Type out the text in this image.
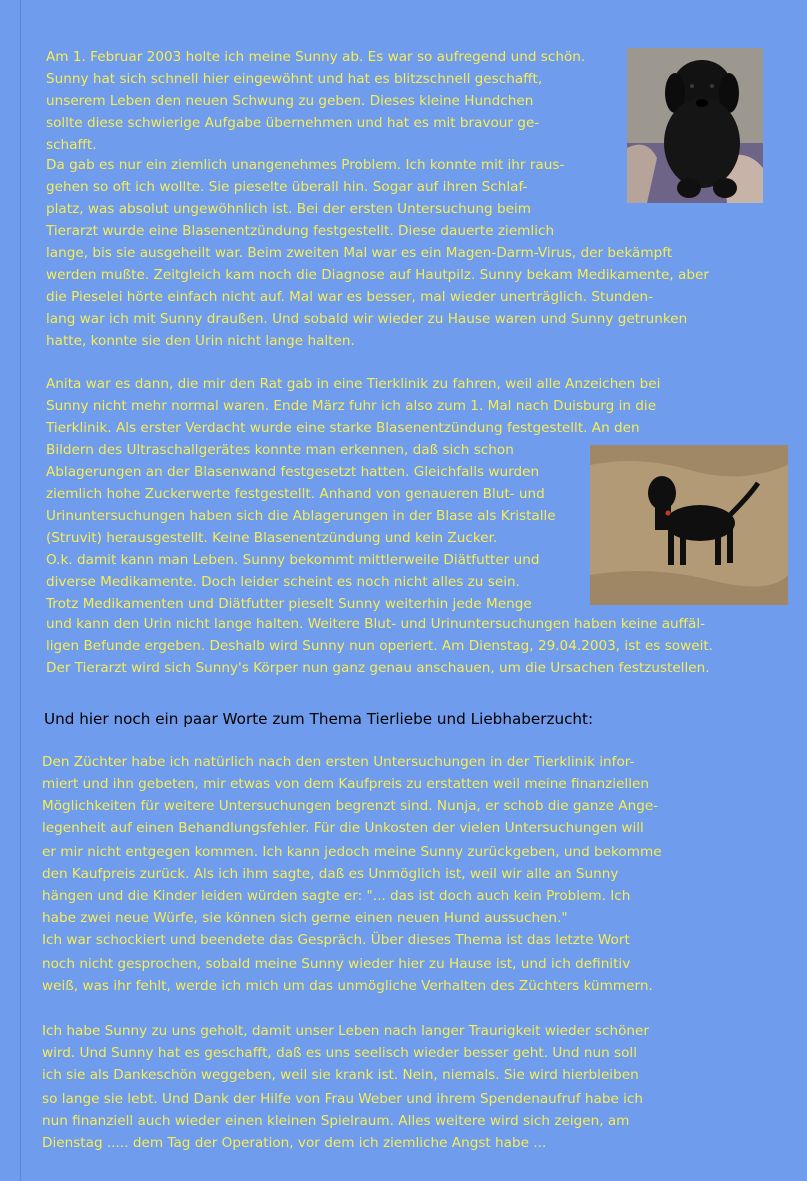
Am 1. Februar 2003 holte ich meine Sunny ab. Es war so aufregend und schön.
Sunny hat sich schnell hier eingewöhnt und hat es blitzschnell geschafft,
unserem Leben den neuen Schwung zu geben. Dieses kleine Hundchen
sollte diese schwierige Aufgabe übernehmen und hat es mit bravour ge-
schafft.
Da gab es nur ein ziemlich unangenehmes Problem. Ich konnte mit ihr raus-
gehen so oft ich wollte. Sie pieselte überall hin. Sogar auf ihren Schlaf-
platz, was absolut ungewöhnlich ist. Bei der ersten Untersuchung beim
Tierarzt wurde eine Blasenentzündung festgestellt. Diese dauerte ziemlich
lange, bis sie ausgeheilt war. Beim zweiten Mal war es ein Magen-Darm-Virus, der bekämpft
werden mußte. Zeitgleich kam noch die Diagnose auf Hautpilz. Sunny bekam Medikamente, aber
die Pieselei hörte einfach nicht auf. Mal war es besser, mal wieder unerträglich. Stunden-
lang war ich mit Sunny draußen. Und sobald wir wieder zu Hause waren und Sunny getrunken
hatte, konnte sie den Urin nicht lange halten.
Anita war es dann, die mir den Rat gab in eine Tierklinik zu fahren, weil alle Anzeichen bei
Sunny nicht mehr normal waren. Ende März fuhr ich also zum 1. Mal nach Duisburg in die
Tierklinik. Als erster Verdacht wurde eine starke Blasenentzündung festgestellt. An den
Bildern des Ultraschallgerätes konnte man erkennen, daß sich schon
Ablagerungen an der Blasenwand festgesetzt hatten. Gleichfalls wurden
ziemlich hohe Zuckerwerte festgestellt. Anhand von genaueren Blut- und
Urinuntersuchungen haben sich die Ablagerungen in der Blase als Kristalle
(Struvit) herausgestellt. Keine Blasenentzündung und kein Zucker.
O.k. damit kann man Leben. Sunny bekommt mittlerweile Diätfutter und
diverse Medikamente. Doch leider scheint es noch nicht alles zu sein.
Trotz Medikamenten und Diätfutter pieselt Sunny weiterhin jede Menge
und kann den Urin nicht lange halten. Weitere Blut- und Urinuntersuchungen haben keine auffäl-
ligen Befunde ergeben. Deshalb wird Sunny nun operiert. Am Dienstag, 29.04.2003, ist es soweit.
Der Tierarzt wird sich Sunny's Körper nun ganz genau anschauen, um die Ursachen festzustellen.
Und hier noch ein paar Worte zum Thema Tierliebe und Liebhaberzucht:
Den Züchter habe ich natürlich nach den ersten Untersuchungen in der Tierklinik infor-
miert und ihn gebeten, mir etwas von dem Kaufpreis zu erstatten weil meine finanziellen
Möglichkeiten für weitere Untersuchungen begrenzt sind. Nunja, er schob die ganze Ange-
legenheit auf einen Behandlungsfehler. Für die Unkosten der vielen Untersuchungen will
er mir nicht entgegen kommen. Ich kann jedoch meine Sunny zurückgeben, und bekomme
den Kaufpreis zurück. Als ich ihm sagte, daß es Unmöglich ist, weil wir alle an Sunny
hängen und die Kinder leiden würden sagte er: "... das ist doch auch kein Problem. Ich
habe zwei neue Würfe, sie können sich gerne einen neuen Hund aussuchen."
Ich war schockiert und beendete das Gespräch. Über dieses Thema ist das letzte Wort
noch nicht gesprochen, sobald meine Sunny wieder hier zu Hause ist, und ich definitiv
weiß, was ihr fehlt, werde ich mich um das unmögliche Verhalten des Züchters kümmern.
Ich habe Sunny zu uns geholt, damit unser Leben nach langer Traurigkeit wieder schöner
wird. Und Sunny hat es geschafft, daß es uns seelisch wieder besser geht. Und nun soll
ich sie als Dankeschön weggeben, weil sie krank ist. Nein, niemals. Sie wird hierbleiben
so lange sie lebt. Und Dank der Hilfe von Frau Weber und ihrem Spendenaufruf habe ich
nun finanziell auch wieder einen kleinen Spielraum. Alles weitere wird sich zeigen, am
Dienstag ..... dem Tag der Operation, vor dem ich ziemliche Angst habe ...
